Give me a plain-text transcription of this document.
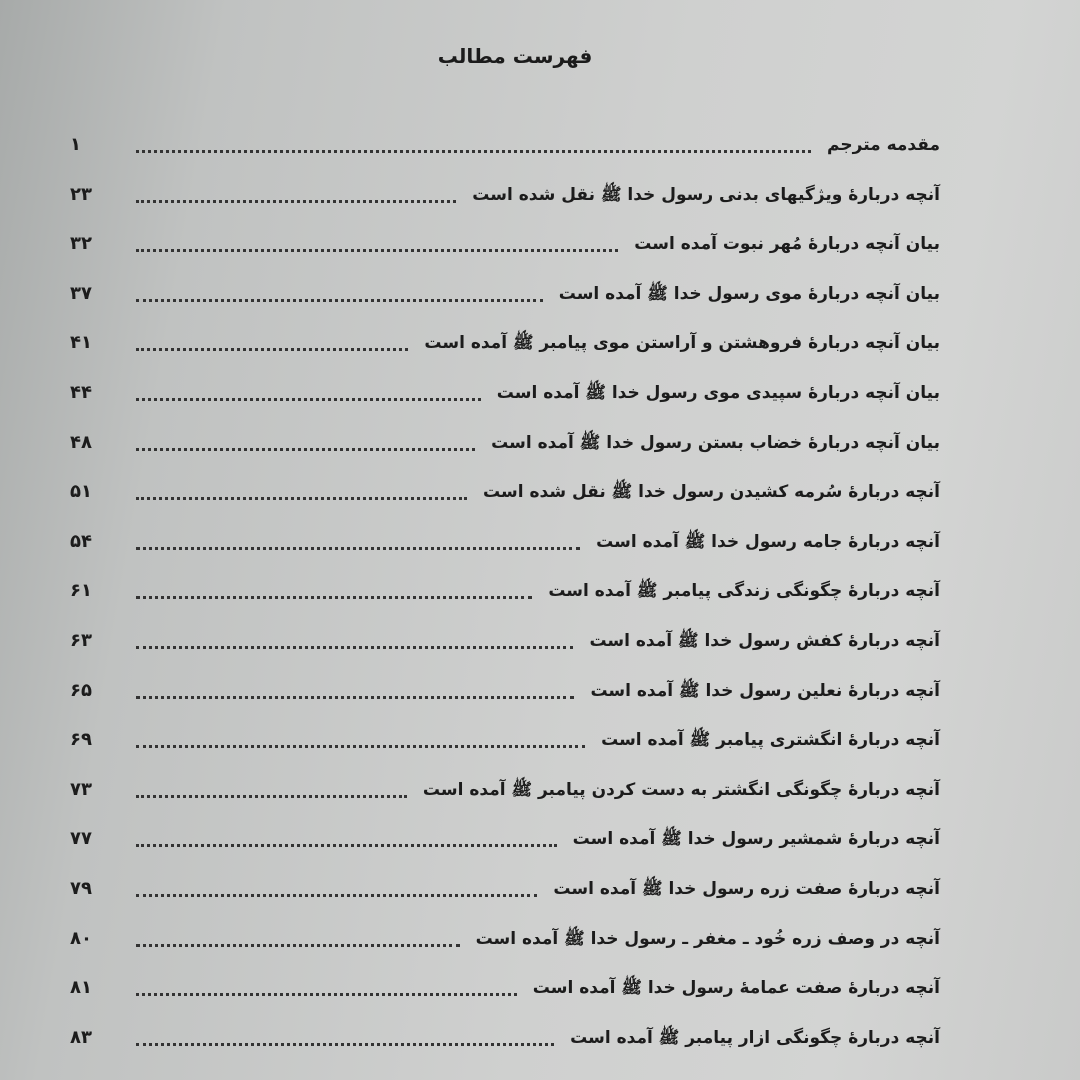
فهرست مطالب
مقدمه مترجم
۱
آنچه دربارهٔ ویژگیهای بدنی رسول خدا ﷺ نقل شده است
۲۳
بیان آنچه دربارهٔ مُهر نبوت آمده است
۳۲
بیان آنچه دربارهٔ موی رسول خدا ﷺ آمده است
۳۷
بیان آنچه دربارهٔ فروهشتن و آراستن موی پیامبر ﷺ آمده است
۴۱
بیان آنچه دربارهٔ سپیدی موی رسول خدا ﷺ آمده است
۴۴
بیان آنچه دربارهٔ خضاب بستن رسول خدا ﷺ آمده است
۴۸
آنچه دربارهٔ سُرمه کشیدن رسول خدا ﷺ نقل شده است
۵۱
آنچه دربارهٔ جامه رسول خدا ﷺ آمده است
۵۴
آنچه دربارهٔ چگونگی زندگی پیامبر ﷺ آمده است
۶۱
آنچه دربارهٔ کفش رسول خدا ﷺ آمده است
۶۳
آنچه دربارهٔ نعلین رسول خدا ﷺ آمده است
۶۵
آنچه دربارهٔ انگشتری پیامبر ﷺ آمده است
۶۹
آنچه دربارهٔ چگونگی انگشتر به دست کردن پیامبر ﷺ آمده است
۷۳
آنچه دربارهٔ شمشیر رسول خدا ﷺ آمده است
۷۷
آنچه دربارهٔ صفت زره رسول خدا ﷺ آمده است
۷۹
آنچه در وصف زره خُود ـ مغفر ـ رسول خدا ﷺ آمده است
۸۰
آنچه دربارهٔ صفت عمامهٔ رسول خدا ﷺ آمده است
۸۱
آنچه دربارهٔ چگونگی ازار پیامبر ﷺ آمده است
۸۳
